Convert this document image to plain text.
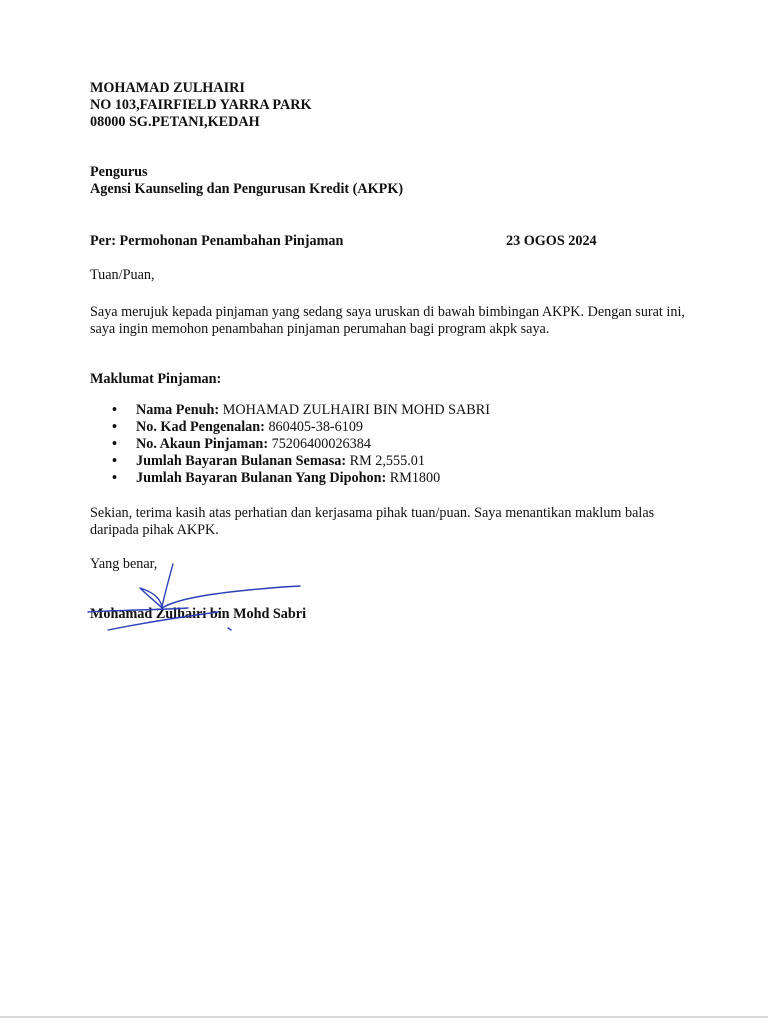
MOHAMAD ZULHAIRI
NO 103,FAIRFIELD YARRA PARK
08000 SG.PETANI,KEDAH
Pengurus
Agensi Kaunseling dan Pengurusan Kredit (AKPK)
Per: Permohonan Penambahan Pinjaman	23 OGOS 2024
Tuan/Puan,
Saya merujuk kepada pinjaman yang sedang saya uruskan di bawah bimbingan AKPK. Dengan surat ini, saya ingin memohon penambahan pinjaman perumahan bagi program akpk saya.
Maklumat Pinjaman:
• Nama Penuh: MOHAMAD ZULHAIRI BIN MOHD SABRI
• No. Kad Pengenalan: 860405-38-6109
• No. Akaun Pinjaman: 75206400026384
• Jumlah Bayaran Bulanan Semasa: RM 2,555.01
• Jumlah Bayaran Bulanan Yang Dipohon: RM1800
Sekian, terima kasih atas perhatian dan kerjasama pihak tuan/puan. Saya menantikan maklum balas daripada pihak AKPK.
Yang benar,
Mohamad Zulhairi bin Mohd Sabri
